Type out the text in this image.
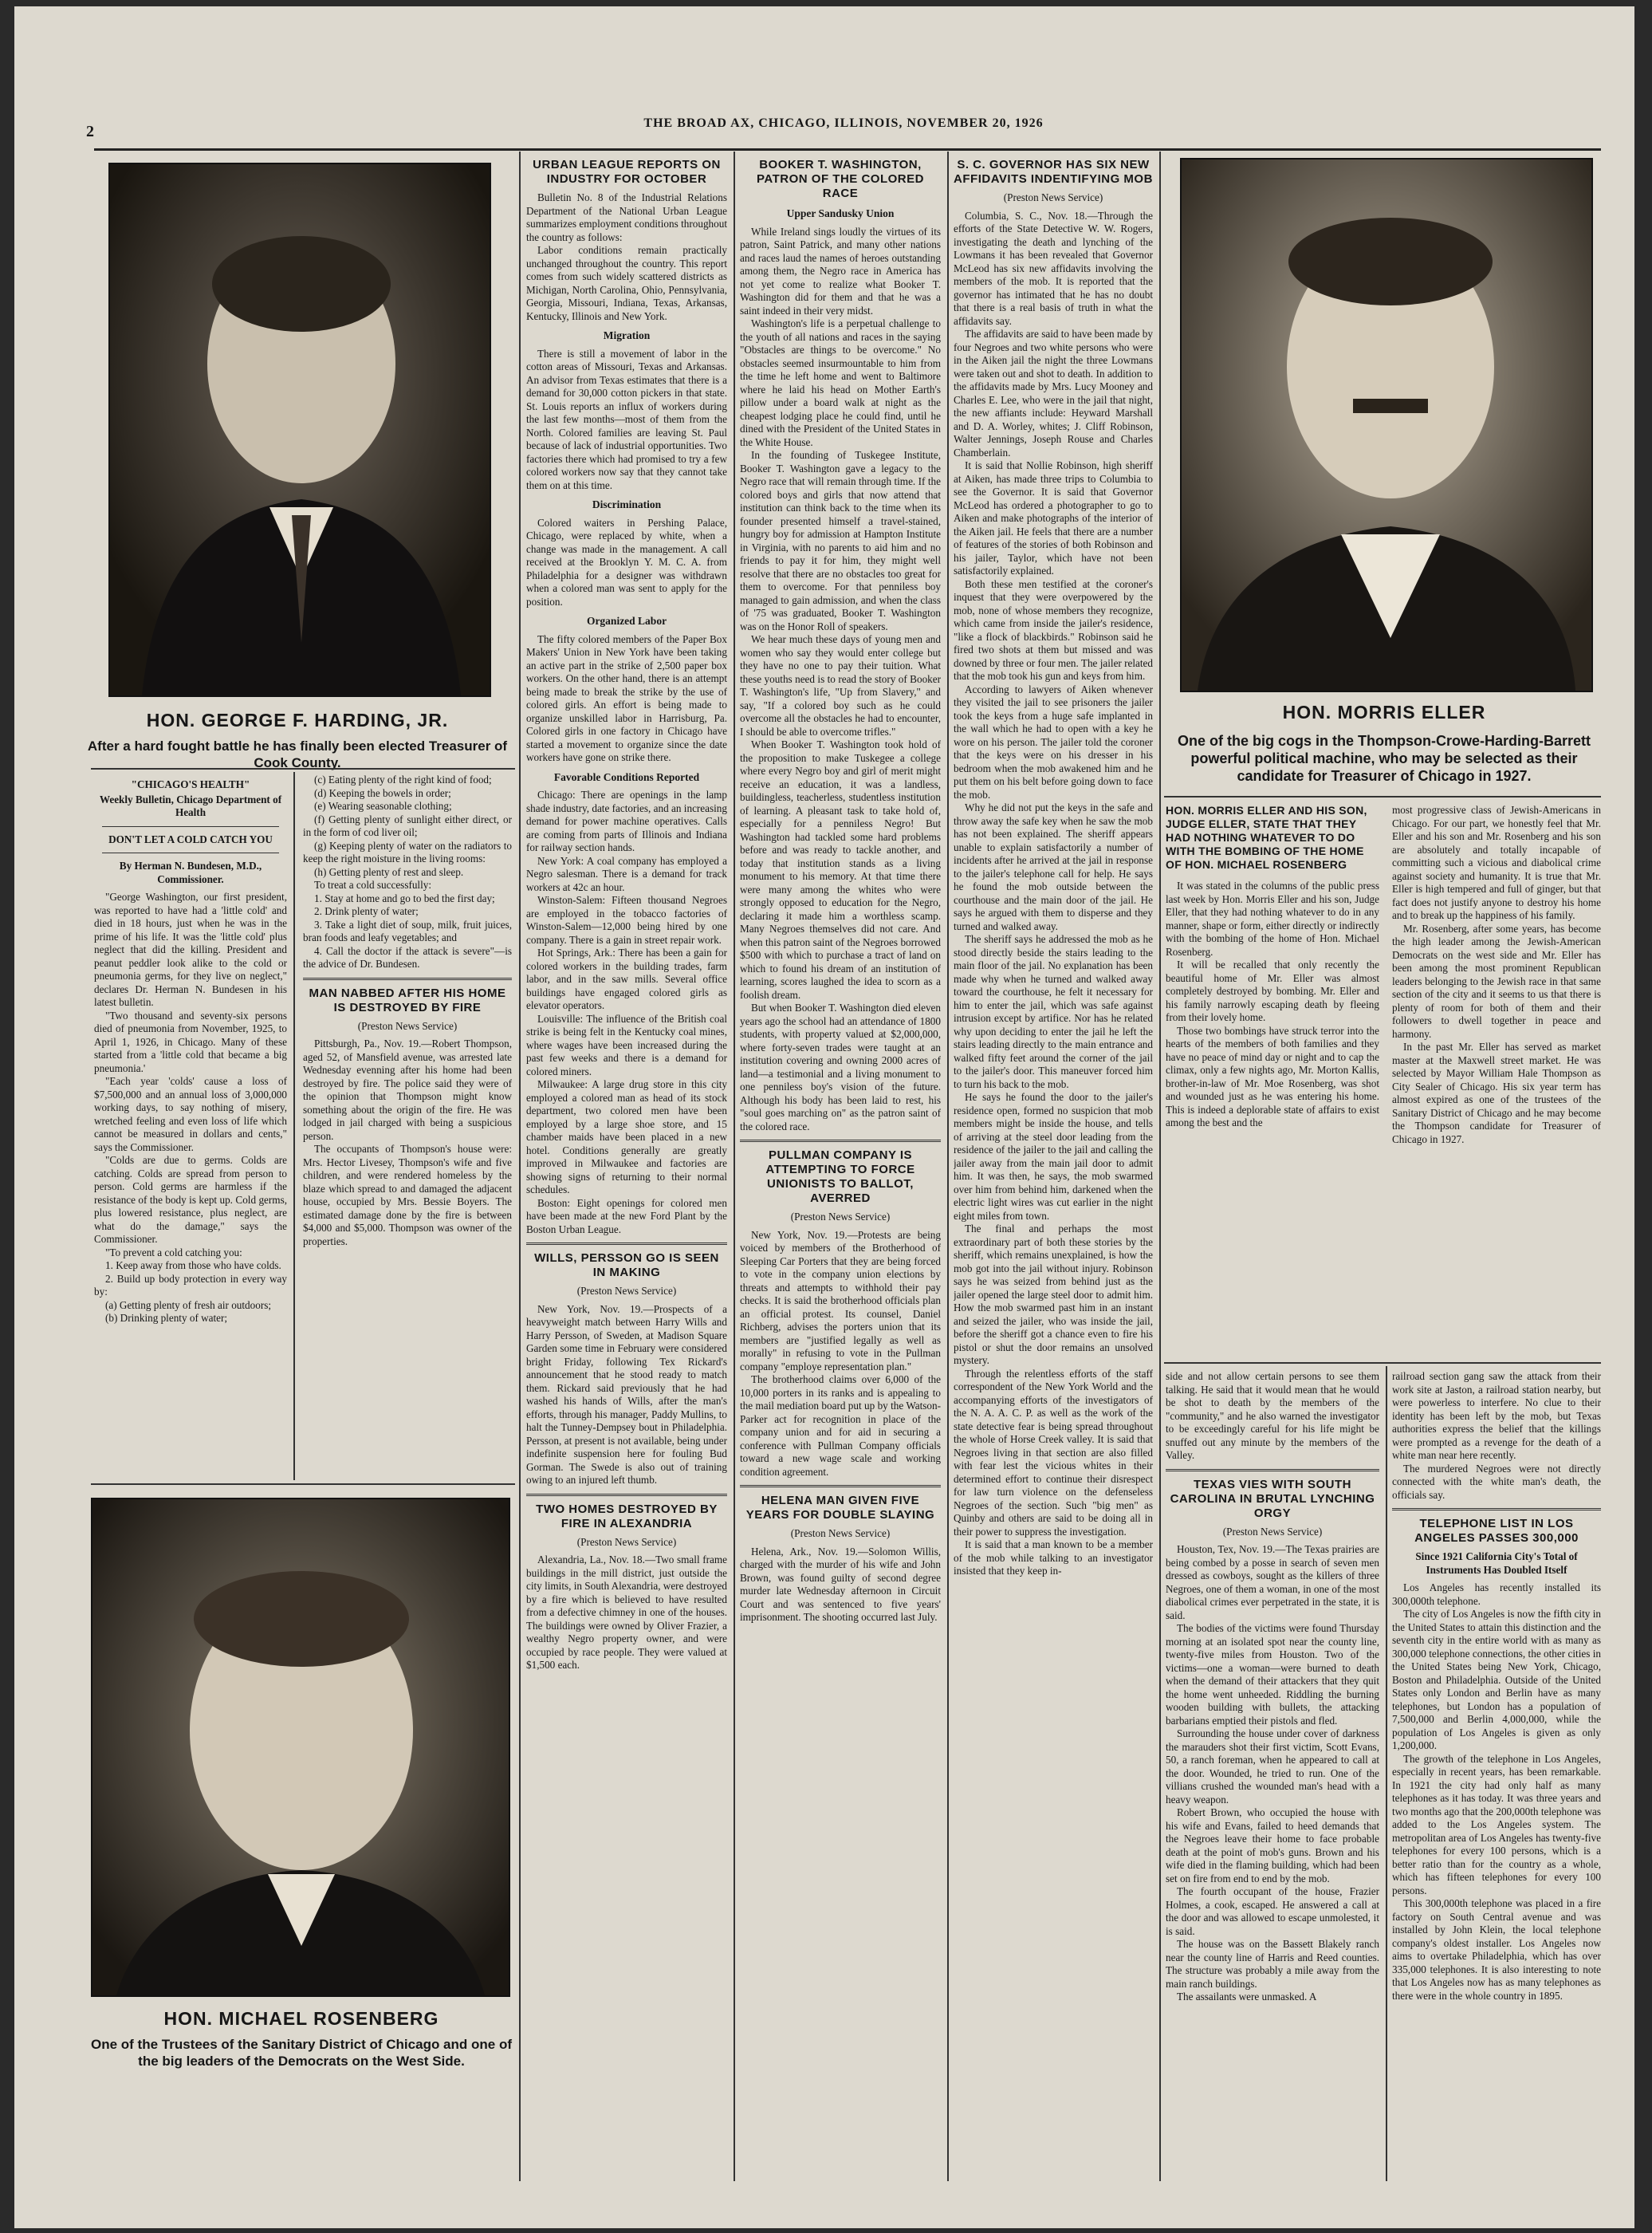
2	THE BROAD AX, CHICAGO, ILLINOIS, NOVEMBER 20, 1926
HON. GEORGE F. HARDING, JR.
After a hard fought battle he has finally been elected Treasurer of Cook County.
"CHICAGO'S HEALTH"
Weekly Bulletin, Chicago Department of Health
DON'T LET A COLD CATCH YOU
By Herman N. Bundesen, M.D., Commissioner.

"George Washington, our first president, was reported to have had a 'little cold' and died in 18 hours, just when he was in the prime of his life. It was the 'little cold' plus neglect that did the killing. President and peanut peddler look alike to the cold or pneumonia germs, for they live on neglect," declares Dr. Herman N. Bundesen in his latest bulletin.

"Two thousand and seventy-six persons died of pneumonia from November, 1925, to April 1, 1926, in Chicago. Many of these started from a 'little cold that became a big pneumonia.'

"Each year 'colds' cause a loss of $7,500,000 and an annual loss of 3,000,000 working days, to say nothing of misery, wretched feeling and even loss of life which cannot be measured in dollars and cents," says the Commissioner.

"Colds are due to germs. Colds are catching. Colds are spread from person to person. Cold germs are harmless if the resistance of the body is kept up. Cold germs, plus lowered resistance, plus neglect, are what do the damage," says the Commissioner.

"To prevent a cold catching you:

1. Keep away from those who have colds.

2. Build up body protection in every way by:

(a) Getting plenty of fresh air outdoors;

(b) Drinking plenty of water;

(c) Eating plenty of the right kind of food;

(d) Keeping the bowels in order;

(e) Wearing seasonable clothing;

(f) Getting plenty of sunlight either direct, or in the form of cod liver oil;

(g) Keeping plenty of water on the radiators to keep the right moisture in the living rooms:

(h) Getting plenty of rest and sleep.

To treat a cold successfully:

1. Stay at home and go to bed the first day;

2. Drink plenty of water;

3. Take a light diet of soup, milk, fruit juices, bran foods and leafy vegetables; and

4. Call the doctor if the attack is severe"—is the advice of Dr. Bundesen.

MAN NABBED AFTER HIS HOME IS DESTROYED BY FIRE
(Preston News Service)

Pittsburgh, Pa., Nov. 19.—Robert Thompson, aged 52, of Mansfield avenue, was arrested late Wednesday evenning after his home had been destroyed by fire. The police said they were of the opinion that Thompson might know something about the origin of the fire. He was lodged in jail charged with being a suspicious person.

The occupants of Thompson's house were: Mrs. Hector Livesey, Thompson's wife and five children, and were rendered homeless by the blaze which spread to and damaged the adjacent house, occupied by Mrs. Bessie Boyers. The estimated damage done by the fire is between $4,000 and $5,000. Thompson was owner of the properties.

HON. MICHAEL ROSENBERG
One of the Trustees of the Sanitary District of Chicago and one of the big leaders of the Democrats on the West Side.
URBAN LEAGUE REPORTS ON INDUSTRY FOR OCTOBER

Bulletin No. 8 of the Industrial Relations Department of the National Urban League summarizes employment conditions throughout the country as follows:

Labor conditions remain practically unchanged throughout the country. This report comes from such widely scattered districts as Michigan, North Carolina, Ohio, Pennsylvania, Georgia, Missouri, Indiana, Texas, Arkansas, Kentucky, Illinois and New York.

Migration

There is still a movement of labor in the cotton areas of Missouri, Texas and Arkansas. An advisor from Texas estimates that there is a demand for 30,000 cotton pickers in that state. St. Louis reports an influx of workers during the last few months—most of them from the North. Colored families are leaving St. Paul because of lack of industrial opportunities. Two factories there which had promised to try a few colored workers now say that they cannot take them on at this time.

Discrimination

Colored waiters in Pershing Palace, Chicago, were replaced by white, when a change was made in the management. A call received at the Brooklyn Y. M. C. A. from Philadelphia for a designer was withdrawn when a colored man was sent to apply for the position.

Organized Labor

The fifty colored members of the Paper Box Makers' Union in New York have been taking an active part in the strike of 2,500 paper box workers. On the other hand, there is an attempt being made to break the strike by the use of colored girls. An effort is being made to organize unskilled labor in Harrisburg, Pa. Colored girls in one factory in Chicago have started a movement to organize since the date workers have gone on strike there.

Favorable Conditions Reported

Chicago: There are openings in the lamp shade industry, date factories, and an increasing demand for power machine operatives. Calls are coming from parts of Illinois and Indiana for railway section hands.

New York: A coal company has employed a Negro salesman. There is a demand for track workers at 42c an hour.

Winston-Salem: Fifteen thousand Negroes are employed in the tobacco factories of Winston-Salem—12,000 being hired by one company. There is a gain in street repair work.

Hot Springs, Ark.: There has been a gain for colored workers in the building trades, farm labor, and in the saw mills. Several office buildings have engaged colored girls as elevator operators.

Louisville: The influence of the British coal strike is being felt in the Kentucky coal mines, where wages have been increased during the past few weeks and there is a demand for colored miners.

Milwaukee: A large drug store in this city employed a colored man as head of its stock department, two colored men have been employed by a large shoe store, and 15 chamber maids have been placed in a new hotel. Conditions generally are greatly improved in Milwaukee and factories are showing signs of returning to their normal schedules.

Boston: Eight openings for colored men have been made at the new Ford Plant by the Boston Urban League.

WILLS, PERSSON GO IS SEEN IN MAKING
(Preston News Service)

New York, Nov. 19.—Prospects of a heavyweight match between Harry Wills and Harry Persson, of Sweden, at Madison Square Garden some time in February were considered bright Friday, following Tex Rickard's announcement that he stood ready to match them. Rickard said previously that he had washed his hands of Wills, after the man's efforts, through his manager, Paddy Mullins, to halt the Tunney-Dempsey bout in Philadelphia. Persson, at present is not available, being under indefinite suspension here for fouling Bud Gorman. The Swede is also out of training owing to an injured left thumb.

TWO HOMES DESTROYED BY FIRE IN ALEXANDRIA
(Preston News Service)

Alexandria, La., Nov. 18.—Two small frame buildings in the mill district, just outside the city limits, in South Alexandria, were destroyed by a fire which is believed to have resulted from a defective chimney in one of the houses. The buildings were owned by Oliver Frazier, a wealthy Negro property owner, and were occupied by race people. They were valued at $1,500 each.

BOOKER T. WASHINGTON, PATRON OF THE COLORED RACE
Upper Sandusky Union

While Ireland sings loudly the virtues of its patron, Saint Patrick, and many other nations and races laud the names of heroes outstanding among them, the Negro race in America has not yet come to realize what Booker T. Washington did for them and that he was a saint indeed in their very midst.

Washington's life is a perpetual challenge to the youth of all nations and races in the saying "Obstacles are things to be overcome." No obstacles seemed insurmountable to him from the time he left home and went to Baltimore where he laid his head on Mother Earth's pillow under a board walk at night as the cheapest lodging place he could find, until he dined with the President of the United States in the White House.

In the founding of Tuskegee Institute, Booker T. Washington gave a legacy to the Negro race that will remain through time. If the colored boys and girls that now attend that institution can think back to the time when its founder presented himself a travel-stained, hungry boy for admission at Hampton Institute in Virginia, with no parents to aid him and no friends to pay it for him, they might well resolve that there are no obstacles too great for them to overcome. For that penniless boy managed to gain admission, and when the class of '75 was graduated, Booker T. Washington was on the Honor Roll of speakers.

We hear much these days of young men and women who say they would enter college but they have no one to pay their tuition. What these youths need is to read the story of Booker T. Washington's life, "Up from Slavery," and say, "If a colored boy such as he could overcome all the obstacles he had to encounter, I should be able to overcome trifles."

When Booker T. Washington took hold of the proposition to make Tuskegee a college where every Negro boy and girl of merit might receive an education, it was a landless, buildingless, teacherless, studentless institution of learning. A pleasant task to take hold of, especially for a penniless Negro! But Washington had tackled some hard problems before and was ready to tackle another, and today that institution stands as a living monument to his memory. At that time there were many among the whites who were strongly opposed to education for the Negro, declaring it made him a worthless scamp. Many Negroes themselves did not care. And when this patron saint of the Negroes borrowed $500 with which to purchase a tract of land on which to found his dream of an institution of learning, scores laughed the idea to scorn as a foolish dream.

But when Booker T. Washington died eleven years ago the school had an attendance of 1800 students, with property valued at $2,000,000, where forty-seven trades were taught at an institution covering and owning 2000 acres of land—a testimonial and a living monument to one penniless boy's vision of the future. Although his body has been laid to rest, his "soul goes marching on" as the patron saint of the colored race.

PULLMAN COMPANY IS ATTEMPTING TO FORCE UNIONISTS TO BALLOT, AVERRED
(Preston News Service)

New York, Nov. 19.—Protests are being voiced by members of the Brotherhood of Sleeping Car Porters that they are being forced to vote in the company union elections by threats and attempts to withhold their pay checks. It is said the brotherhood officials plan an official protest. Its counsel, Daniel Richberg, advises the porters union that its members are "justified legally as well as morally" in refusing to vote in the Pullman company "employe representation plan."

The brotherhood claims over 6,000 of the 10,000 porters in its ranks and is appealing to the mail mediation board put up by the Watson-Parker act for recognition in place of the company union and for aid in securing a conference with Pullman Company officials toward a new wage scale and working condition agreement.

HELENA MAN GIVEN FIVE YEARS FOR DOUBLE SLAYING
(Preston News Service)

Helena, Ark., Nov. 19.—Solomon Willis, charged with the murder of his wife and John Brown, was found guilty of second degree murder late Wednesday afternoon in Circuit Court and was sentenced to five years' imprisonment. The shooting occurred last July.

S. C. GOVERNOR HAS SIX NEW AFFIDAVITS INDENTIFYING MOB
(Preston News Service)

Columbia, S. C., Nov. 18.—Through the efforts of the State Detective W. W. Rogers, investigating the death and lynching of the Lowmans it has been revealed that Governor McLeod has six new affidavits involving the members of the mob. It is reported that the governor has intimated that he has no doubt that there is a real basis of truth in what the affidavits say.

The affidavits are said to have been made by four Negroes and two white persons who were in the Aiken jail the night the three Lowmans were taken out and shot to death. In addition to the affidavits made by Mrs. Lucy Mooney and Charles E. Lee, who were in the jail that night, the new affiants include: Heyward Marshall and D. A. Worley, whites; J. Cliff Robinson, Walter Jennings, Joseph Rouse and Charles Chamberlain.

It is said that Nollie Robinson, high sheriff at Aiken, has made three trips to Columbia to see the Governor. It is said that Governor McLeod has ordered a photographer to go to Aiken and make photographs of the interior of the Aiken jail. He feels that there are a number of features of the stories of both Robinson and his jailer, Taylor, which have not been satisfactorily explained.

Both these men testified at the coroner's inquest that they were overpowered by the mob, none of whose members they recognize, which came from inside the jailer's residence, "like a flock of blackbirds." Robinson said he fired two shots at them but missed and was downed by three or four men. The jailer related that the mob took his gun and keys from him.

According to lawyers of Aiken whenever they visited the jail to see prisoners the jailer took the keys from a huge safe implanted in the wall which he had to open with a key he wore on his person. The jailer told the coroner that the keys were on his dresser in his bedroom when the mob awakened him and he put them on his belt before going down to face the mob.

Why he did not put the keys in the safe and throw away the safe key when he saw the mob has not been explained. The sheriff appears unable to explain satisfactorily a number of incidents after he arrived at the jail in response to the jailer's telephone call for help. He says he found the mob outside between the courthouse and the main door of the jail. He says he argued with them to disperse and they turned and walked away.

The sheriff says he addressed the mob as he stood directly beside the stairs leading to the main floor of the jail. No explanation has been made why when he turned and walked away toward the courthouse, he felt it necessary for him to enter the jail, which was safe against intrusion except by artifice. Nor has he related why upon deciding to enter the jail he left the stairs leading directly to the main entrance and walked fifty feet around the corner of the jail to the jailer's door. This maneuver forced him to turn his back to the mob.

He says he found the door to the jailer's residence open, formed no suspicion that mob members might be inside the house, and tells of arriving at the steel door leading from the residence of the jailer to the jail and calling the jailer away from the main jail door to admit him. It was then, he says, the mob swarmed over him from behind him, darkened when the electric light wires was cut earlier in the night eight miles from town.

The final and perhaps the most extraordinary part of both these stories by the sheriff, which remains unexplained, is how the mob got into the jail without injury. Robinson says he was seized from behind just as the jailer opened the large steel door to admit him. How the mob swarmed past him in an instant and seized the jailer, who was inside the jail, before the sheriff got a chance even to fire his pistol or shut the door remains an unsolved mystery.

Through the relentless efforts of the staff correspondent of the New York World and the accompanying efforts of the investigators of the N. A. A. C. P. as well as the work of the state detective fear is being spread throughout the whole of Horse Creek valley. It is said that Negroes living in that section are also filled with fear lest the vicious whites in their determined effort to continue their disrespect for law turn violence on the defenseless Negroes of the section. Such "big men" as Quinby and others are said to be doing all in their power to suppress the investigation.

It is said that a man known to be a member of the mob while talking to an investigator insisted that they keep in-

HON. MORRIS ELLER
One of the big cogs in the Thompson-Crowe-Harding-Barrett powerful political machine, who may be selected as their candidate for Treasurer of Chicago in 1927.
HON. MORRIS ELLER AND HIS SON, JUDGE ELLER, STATE THAT THEY HAD NOTHING WHATEVER TO DO WITH THE BOMBING OF THE HOME OF HON. MICHAEL ROSENBERG

It was stated in the columns of the public press last week by Hon. Morris Eller and his son, Judge Eller, that they had nothing whatever to do in any manner, shape or form, either directly or indirectly with the bombing of the home of Hon. Michael Rosenberg.

It will be recalled that only recently the beautiful home of Mr. Eller was almost completely destroyed by bombing. Mr. Eller and his family narrowly escaping death by fleeing from their lovely home.

Those two bombings have struck terror into the hearts of the members of both families and they have no peace of mind day or night and to cap the climax, only a few nights ago, Mr. Morton Kallis, brother-in-law of Mr. Moe Rosenberg, was shot and wounded just as he was entering his home. This is indeed a deplorable state of affairs to exist among the best and the

most progressive class of Jewish-Americans in Chicago. For our part, we honestly feel that Mr. Eller and his son and Mr. Rosenberg and his son are absolutely and totally incapable of committing such a vicious and diabolical crime against society and humanity. It is true that Mr. Eller is high tempered and full of ginger, but that fact does not justify anyone to destroy his home and to break up the happiness of his family.

Mr. Rosenberg, after some years, has become the high leader among the Jewish-American Democrats on the west side and Mr. Eller has been among the most prominent Republican leaders belonging to the Jewish race in that same section of the city and it seems to us that there is plenty of room for both of them and their followers to dwell together in peace and harmony.

In the past Mr. Eller has served as market master at the Maxwell street market. He was selected by Mayor William Hale Thompson as City Sealer of Chicago. His six year term has almost expired as one of the trustees of the Sanitary District of Chicago and he may become the Thompson candidate for Treasurer of Chicago in 1927.

side and not allow certain persons to see them talking. He said that it would mean that he would be shot to death by the members of the "community," and he also warned the investigator to be exceedingly careful for his life might be snuffed out any minute by the members of the Valley.

TEXAS VIES WITH SOUTH CAROLINA IN BRUTAL LYNCHING ORGY
(Preston News Service)

Houston, Tex, Nov. 19.—The Texas prairies are being combed by a posse in search of seven men dressed as cowboys, sought as the killers of three Negroes, one of them a woman, in one of the most diabolical crimes ever perpetrated in the state, it is said.

The bodies of the victims were found Thursday morning at an isolated spot near the county line, twenty-five miles from Houston. Two of the victims—one a woman—were burned to death when the demand of their attackers that they quit the home went unheeded. Riddling the burning wooden building with bullets, the attacking barbarians emptied their pistols and fled.

Surrounding the house under cover of darkness the marauders shot their first victim, Scott Evans, 50, a ranch foreman, when he appeared to call at the door. Wounded, he tried to run. One of the villians crushed the wounded man's head with a heavy weapon.

Robert Brown, who occupied the house with his wife and Evans, failed to heed demands that the Negroes leave their home to face probable death at the point of mob's guns. Brown and his wife died in the flaming building, which had been set on fire from end to end by the mob.

The fourth occupant of the house, Frazier Holmes, a cook, escaped. He answered a call at the door and was allowed to escape unmolested, it is said.

The house was on the Bassett Blakely ranch near the county line of Harris and Reed counties. The structure was probably a mile away from the main ranch buildings.

The assailants were unmasked. A

railroad section gang saw the attack from their work site at Jaston, a railroad station nearby, but were powerless to interfere. No clue to their identity has been left by the mob, but Texas authorities express the belief that the killings were prompted as a revenge for the death of a white man near here recently.

The murdered Negroes were not directly connected with the white man's death, the officials say.

TELEPHONE LIST IN LOS ANGELES PASSES 300,000
Since 1921 California City's Total of Instruments Has Doubled Itself

Los Angeles has recently installed its 300,000th telephone.

The city of Los Angeles is now the fifth city in the United States to attain this distinction and the seventh city in the entire world with as many as 300,000 telephone connections, the other cities in the United States being New York, Chicago, Boston and Philadelphia. Outside of the United States only London and Berlin have as many telephones, but London has a population of 7,500,000 and Berlin 4,000,000, while the population of Los Angeles is given as only 1,200,000.

The growth of the telephone in Los Angeles, especially in recent years, has been remarkable. In 1921 the city had only half as many telephones as it has today. It was three years and two months ago that the 200,000th telephone was added to the Los Angeles system. The metropolitan area of Los Angeles has twenty-five telephones for every 100 persons, which is a better ratio than for the country as a whole, which has fifteen telephones for every 100 persons.

This 300,000th telephone was placed in a fire factory on South Central avenue and was installed by John Klein, the local telephone company's oldest installer. Los Angeles now aims to overtake Philadelphia, which has over 335,000 telephones. It is also interesting to note that Los Angeles now has as many telephones as there were in the whole country in 1895.
